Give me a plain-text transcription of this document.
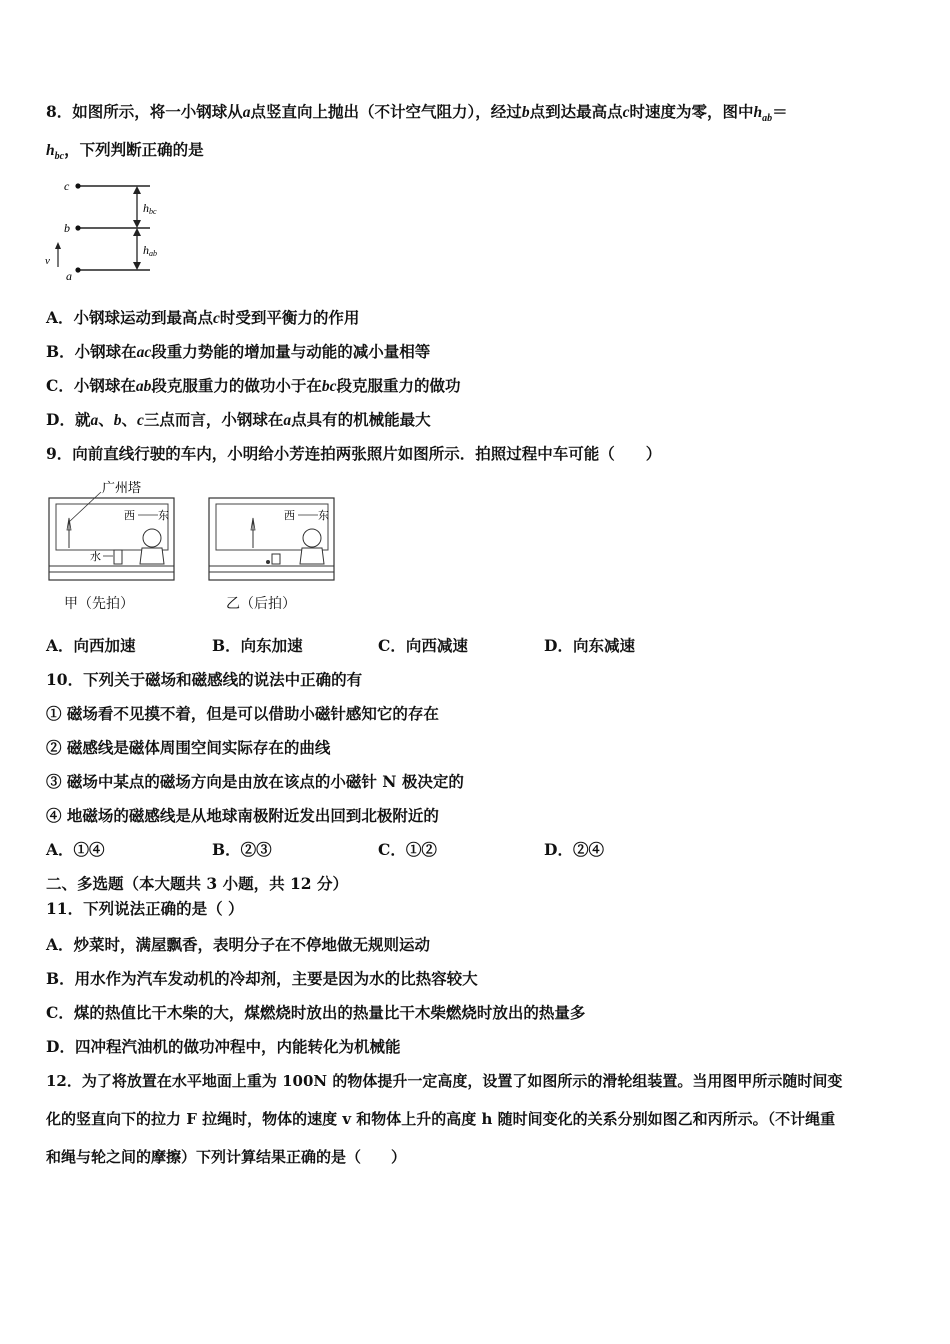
8．如图所示，将一小钢球从a点竖直向上抛出（不计空气阻力），经过b点到达最高点c时速度为零，图中$h_{ab}=$
$h_{bc}$，下列判断正确的是
c
b
a
v
hbc
hab
A．小钢球运动到最高点c时受到平衡力的作用
B．小钢球在ac段重力势能的增加量与动能的减小量相等
C．小钢球在ab段克服重力的做功小于在bc段克服重力的做功
D．就a、b、c三点而言，小钢球在a点具有的机械能最大
9．向前直线行驶的车内，小明给小芳连拍两张照片如图所示．拍照过程中车可能（　　）
广州塔
西 东
水
西 东
甲（先拍）	乙（后拍）
A．向西加速	B．向东加速	C．向西减速	D．向东减速
10．下列关于磁场和磁感线的说法中正确的有
① 磁场看不见摸不着，但是可以借助小磁针感知它的存在
② 磁感线是磁体周围空间实际存在的曲线
③ 磁场中某点的磁场方向是由放在该点的小磁针 N 极决定的
④ 地磁场的磁感线是从地球南极附近发出回到北极附近的
A．①④	B．②③	C．①②	D．②④
二、多选题（本大题共 3 小题，共 12 分）
11．下列说法正确的是（ ）
A．炒菜时，满屋飘香，表明分子在不停地做无规则运动
B．用水作为汽车发动机的冷却剂，主要是因为水的比热容较大
C．煤的热值比干木柴的大，煤燃烧时放出的热量比干木柴燃烧时放出的热量多
D．四冲程汽油机的做功冲程中，内能转化为机械能
12．为了将放置在水平地面上重为 100N 的物体提升一定高度，设置了如图所示的滑轮组装置。当用图甲所示随时间变
化的竖直向下的拉力 F 拉绳时，物体的速度 v 和物体上升的高度 h 随时间变化的关系分别如图乙和丙所示。（不计绳重
和绳与轮之间的摩擦）下列计算结果正确的是（　　）
